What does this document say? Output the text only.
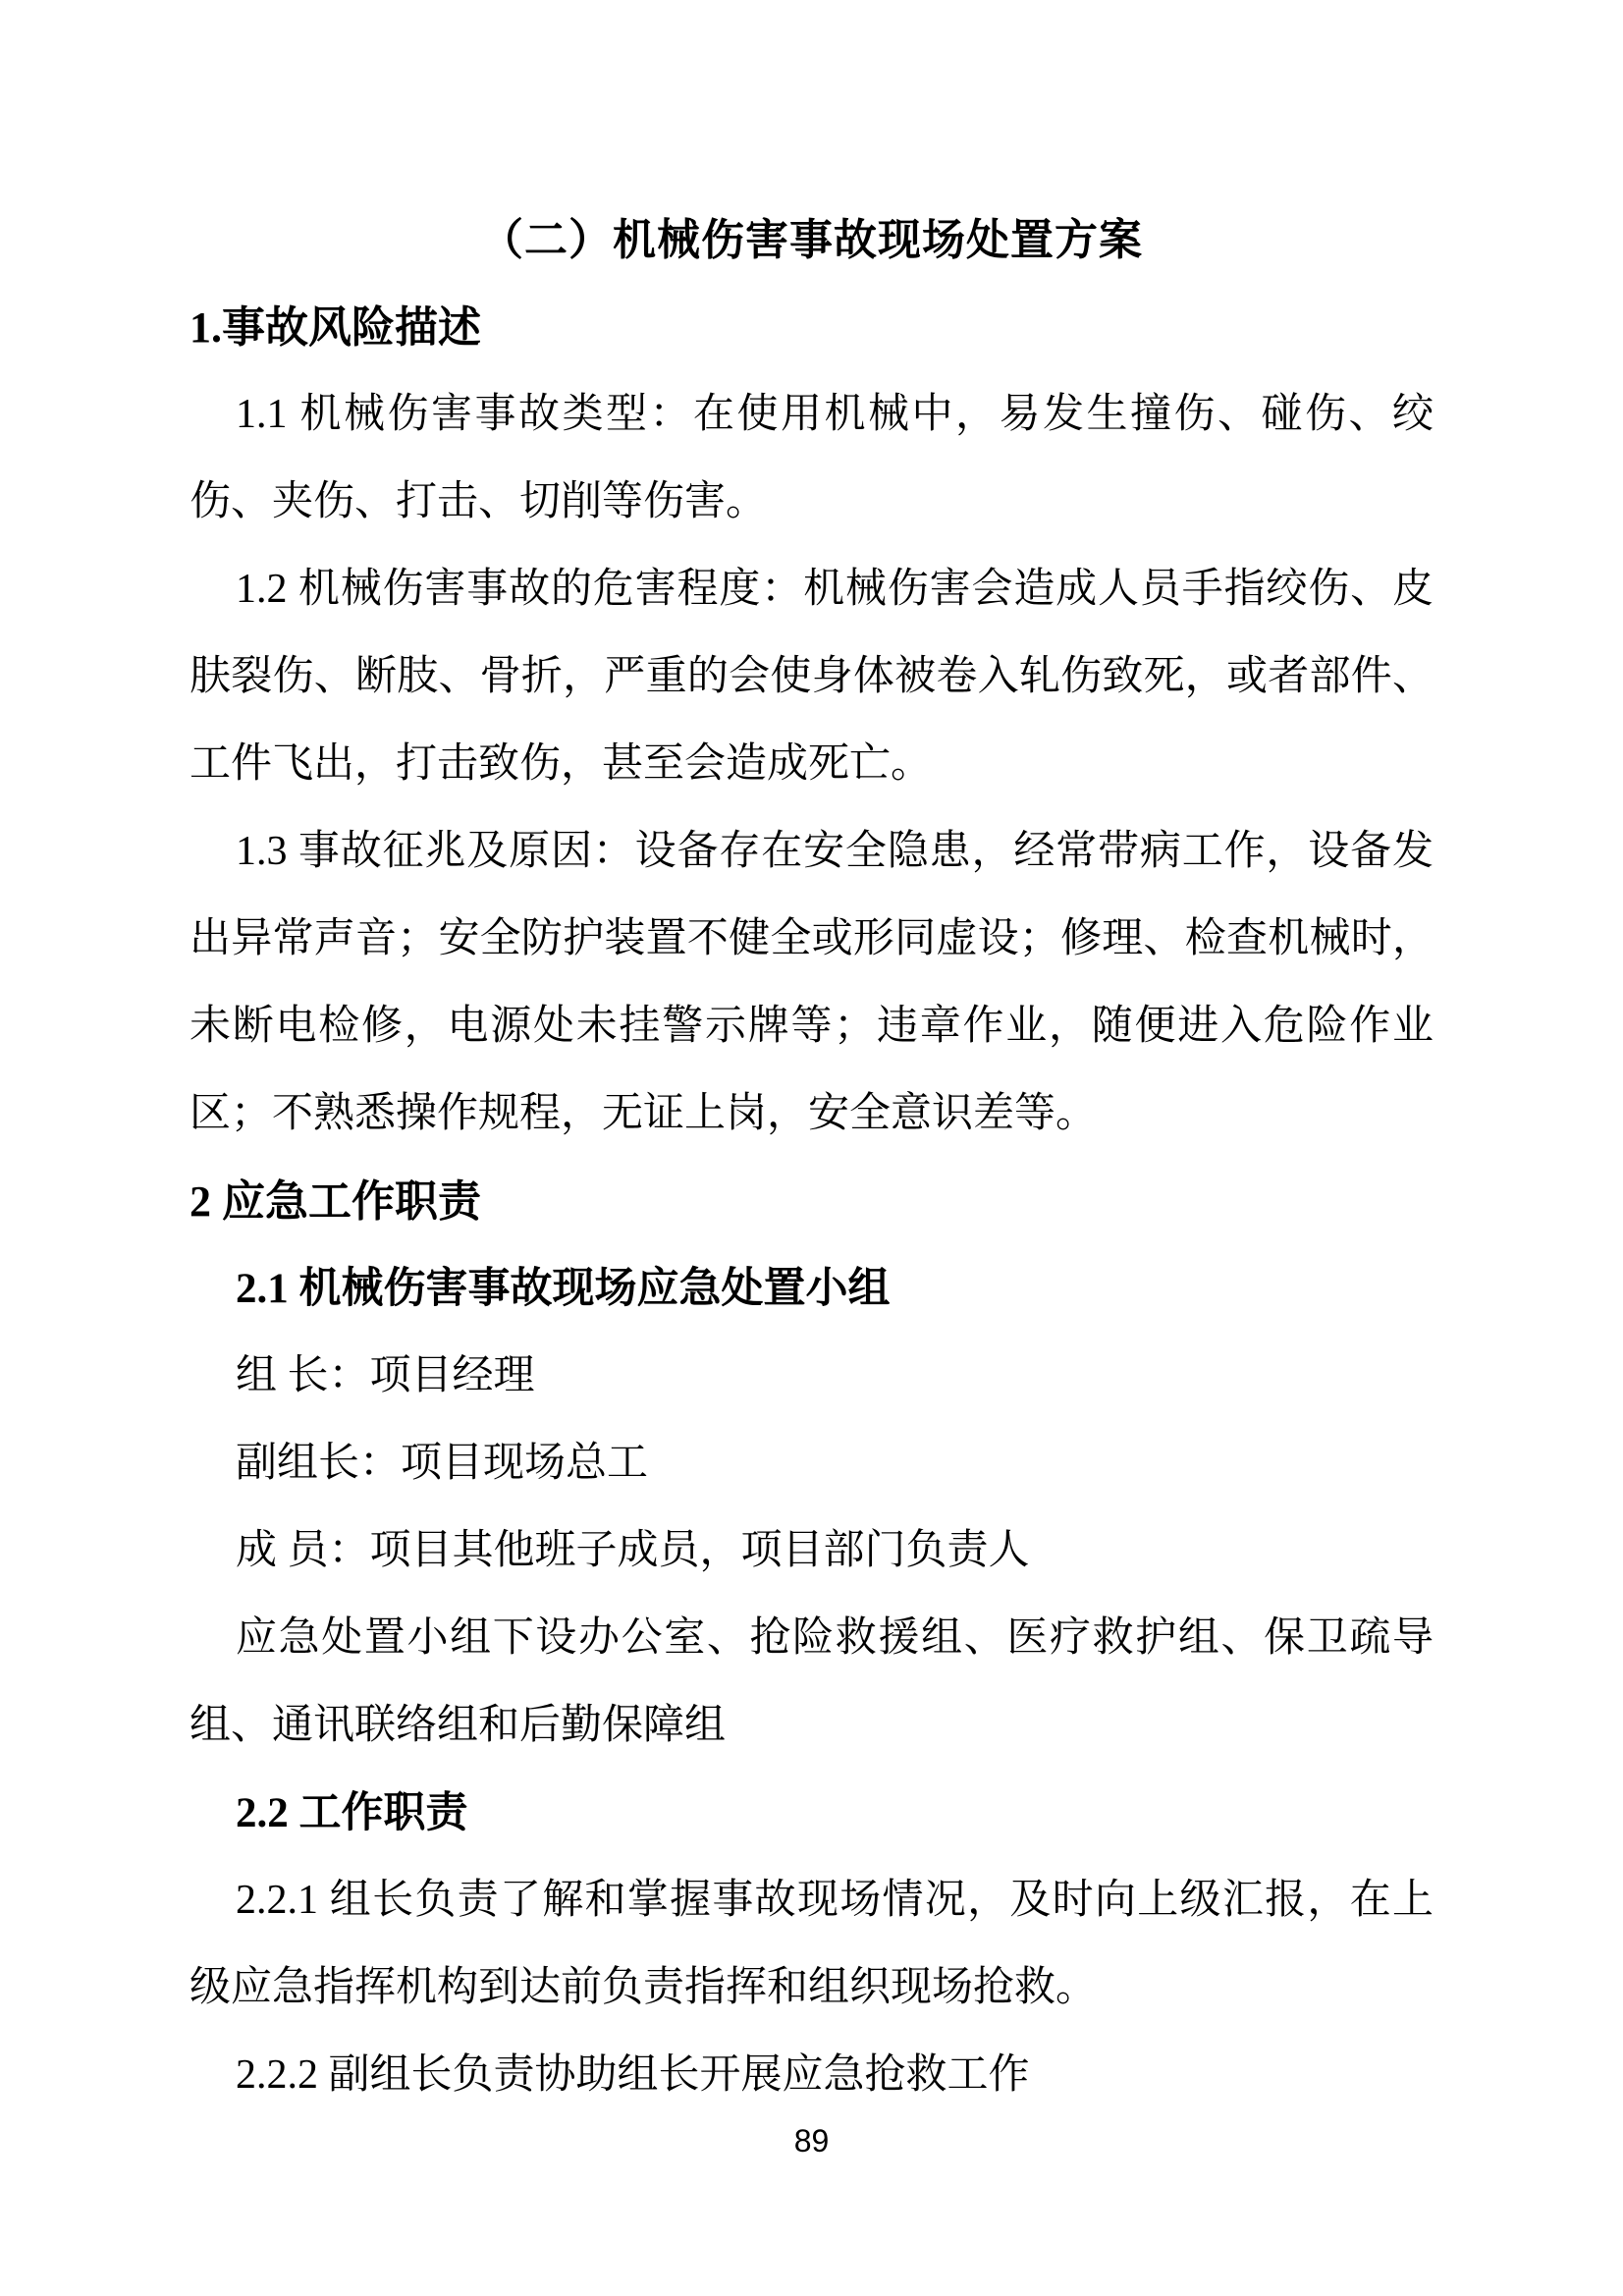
（二）机械伤害事故现场处置方案
1.事故风险描述

1.1 机械伤害事故类型：在使用机械中，易发生撞伤、碰伤、绞伤、夹伤、打击、切削等伤害。

1.2 机械伤害事故的危害程度：机械伤害会造成人员手指绞伤、皮肤裂伤、断肢、骨折，严重的会使身体被卷入轧伤致死，或者部件、工件飞出，打击致伤，甚至会造成死亡。

1.3 事故征兆及原因：设备存在安全隐患，经常带病工作，设备发出异常声音；安全防护装置不健全或形同虚设；修理、检查机械时，未断电检修，电源处未挂警示牌等；违章作业，随便进入危险作业区；不熟悉操作规程，无证上岗，安全意识差等。

2 应急工作职责
2.1 机械伤害事故现场应急处置小组

组 长：项目经理

副组长：项目现场总工

成 员：项目其他班子成员，项目部门负责人

应急处置小组下设办公室、抢险救援组、医疗救护组、保卫疏导组、通讯联络组和后勤保障组

2.2 工作职责

2.2.1 组长负责了解和掌握事故现场情况，及时向上级汇报，在上级应急指挥机构到达前负责指挥和组织现场抢救。

2.2.2 副组长负责协助组长开展应急抢救工作

89
